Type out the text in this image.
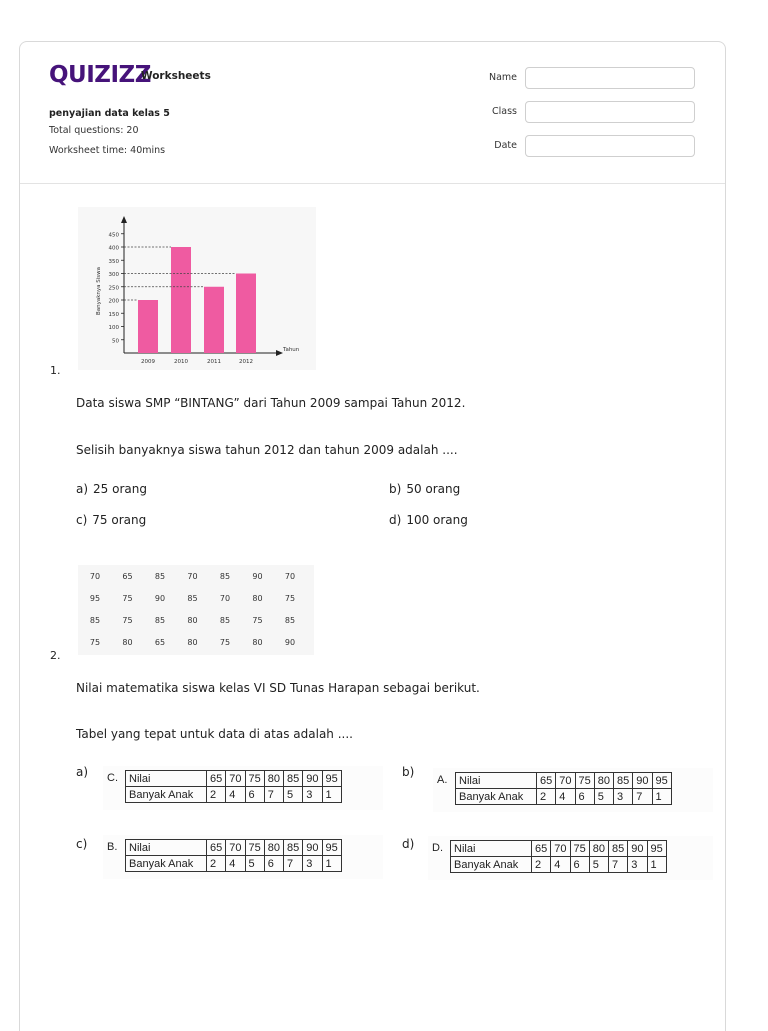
QUIZIZZ
Worksheets
penyajian data kelas 5
Total questions: 20
Worksheet time: 40mins
Name
Class
Date
50
100
150
200
250
300
350
400
450
Banyaknya Siswa
2009	2010	2011	2012
Tahun
1.
Data siswa SMP “BINTANG” dari Tahun 2009 sampai Tahun 2012.
Selisih banyaknya siswa tahun 2012 dan tahun 2009 adalah ....
a) 25 orang	b) 50 orang
c) 75 orang	d) 100 orang
70	65	85	70	85	90	70
95	75	90	85	70	80	75
85	75	85	80	85	75	85
75	80	65	80	75	80	90
2.
Nilai matematika siswa kelas VI SD Tunas Harapan sebagai berikut.
Tabel yang tepat untuk data di atas adalah ....
a) C. Nilai	65	70	75	80	85	90	95
Banyak Anak	2	4	6	7	5	3	1
b)
A. Nilai	65	70	75	80	85	90	95
Banyak Anak	2	4	6	5	3	7	1
c) B. Nilai	65	70	75	80	85	90	95
Banyak Anak	2	4	5	6	7	3	1
d) D. Nilai	65	70	75	80	85	90	95
Banyak Anak	2	4	6	5	7	3	1
